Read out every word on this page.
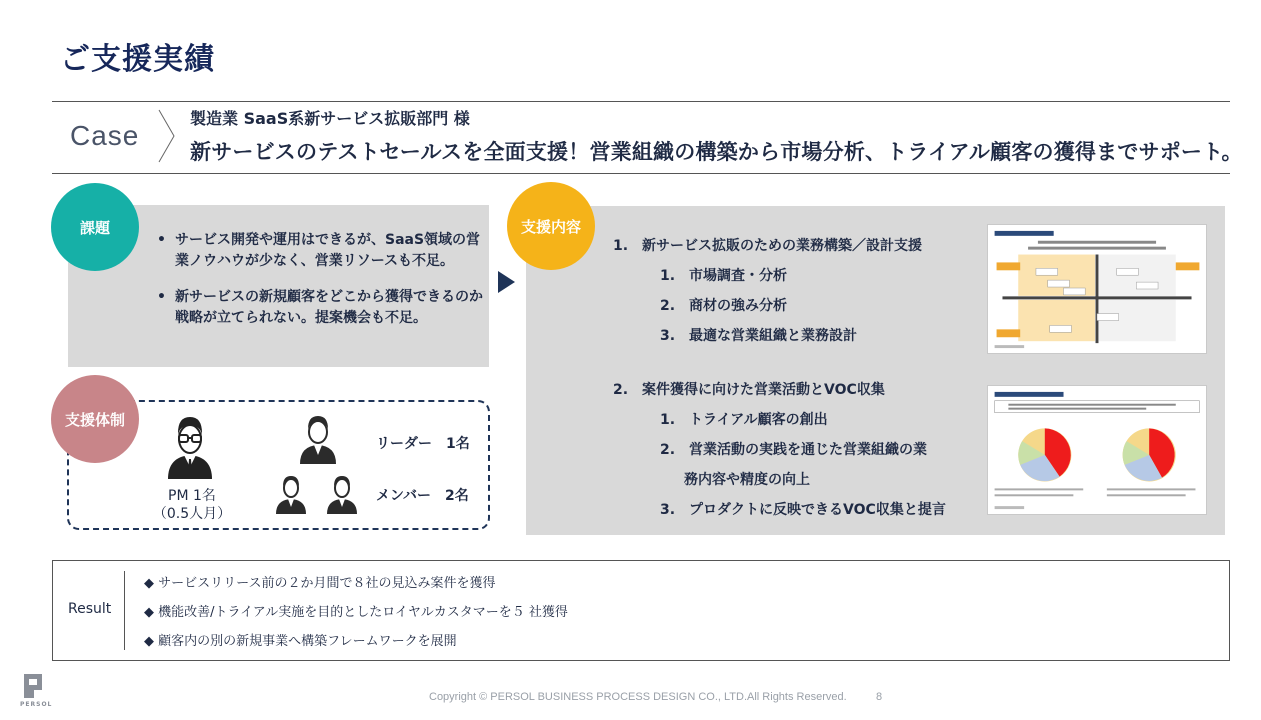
ご支援実績
Case
製造業 SaaS系新サービス拡販部門 様
新サービスのテストセールスを全面支援！営業組織の構築から市場分析、トライアル顧客の獲得までサポート。
• サービス開発や運用はできるが、SaaS領域の営業ノウハウが少なく、営業リソースも不足。
• 新サービスの新規顧客をどこから獲得できるのか戦略が立てられない。提案機会も不足。
課題
支援体制
PM 1名
（0.5人月）
リーダー　1名
メンバー　2名
支援内容
1.　新サービス拡販のための業務構築／設計支援
1.　市場調査・分析
2.　商材の強み分析
3.　最適な営業組織と業務設計
2.　案件獲得に向けた営業活動とVOC収集
1.　トライアル顧客の創出
2.　営業活動の実践を通じた営業組織の業
務内容や精度の向上
3.　プロダクトに反映できるVOC収集と提言
Result
◆ サービスリリース前の２か月間で８社の見込み案件を獲得
◆ 機能改善/トライアル実施を目的としたロイヤルカスタマーを５ 社獲得
◆ 顧客内の別の新規事業へ構築フレームワークを展開
PERSOL
Copyright © PERSOL BUSINESS PROCESS DESIGN CO., LTD.All Rights Reserved.	8
